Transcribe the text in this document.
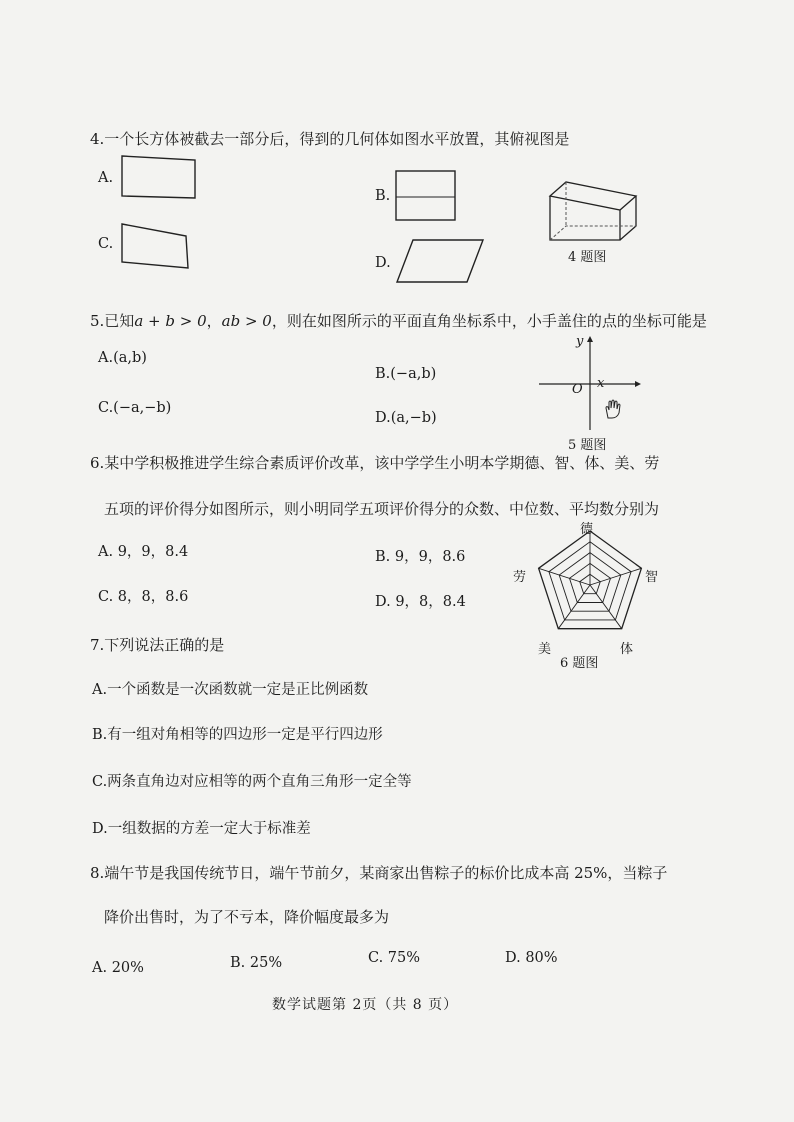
4.一个长方体被截去一部分后，得到的几何体如图水平放置，其俯视图是
A.
B.
C.
D.	4 题图
5.已知a + b > 0，ab > 0，则在如图所示的平面直角坐标系中，小手盖住的点的坐标可能是
A.(a,b)
B.(−a,b)
C.(−a,−b)
D.(a,−b)
x
y
O
5 题图
6.某中学积极推进学生综合素质评价改革，该中学学生小明本学期德、智、体、美、劳
五项的评价得分如图所示，则小明同学五项评价得分的众数、中位数、平均数分别为
A. 9，9，8.4	B. 9，9，8.6
C. 8，8，8.6	D. 9，8，8.4
德
智
体
美
劳
6 题图
7.下列说法正确的是
A.一个函数是一次函数就一定是正比例函数
B.有一组对角相等的四边形一定是平行四边形
C.两条直角边对应相等的两个直角三角形一定全等
D.一组数据的方差一定大于标准差
8.端午节是我国传统节日，端午节前夕，某商家出售粽子的标价比成本高 25%，当粽子
降价出售时，为了不亏本，降价幅度最多为
A. 20%	B. 25%	C. 75%	D. 80%
数学试题第 2页（共 8 页）
